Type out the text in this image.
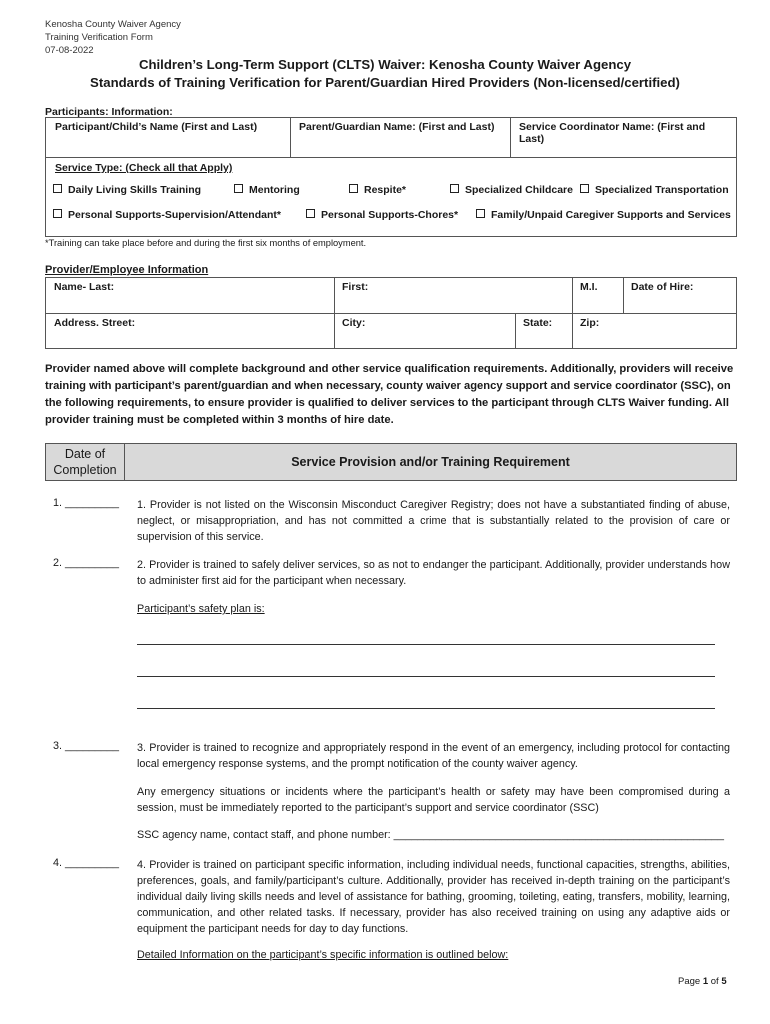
Kenosha County Waiver Agency
Training Verification Form
07-08-2022
Children’s Long-Term Support (CLTS) Waiver: Kenosha County Waiver Agency
Standards of Training Verification for Parent/Guardian Hired Providers (Non-licensed/certified)
Participants: Information:
Participant/Child’s Name (First and Last)	Parent/Guardian Name: (First and Last)	Service Coordinator Name: (First and Last)
Service Type: (Check all that Apply)
Daily Living Skills Training	Mentoring	Respite*	Specialized Childcare	Specialized Transportation
Personal Supports-Supervision/Attendant*	Personal Supports-Chores*	Family/Unpaid Caregiver Supports and Services
*Training can take place before and during the first six months of employment.
Provider/Employee Information
Name- Last:	First:	M.I.	Date of Hire:
Address. Street:	City:	State:	Zip:
Provider named above will complete background and other service qualification requirements. Additionally, providers will receive training with participant’s parent/guardian and when necessary, county waiver agency support and service coordinator (SSC), on the following requirements, to ensure provider is qualified to deliver services to the participant through CLTS Waiver funding. All provider training must be completed within 3 months of hire date.
Date of Completion
Service Provision and/or Training Requirement
1. _________ 1. Provider is not listed on the Wisconsin Misconduct Caregiver Registry; does not have a substantiated finding of abuse, neglect, or misappropriation, and has not committed a crime that is substantially related to the provision of care or supervision of this service.
2. _________ 2. Provider is trained to safely deliver services, so as not to endanger the participant. Additionally, provider understands how to administer first aid for the participant when necessary.
Participant’s safety plan is:
3. _________ 3. Provider is trained to recognize and appropriately respond in the event of an emergency, including protocol for contacting local emergency response systems, and the prompt notification of the county waiver agency.
Any emergency situations or incidents where the participant’s health or safety may have been compromised during a session, must be immediately reported to the participant’s support and service coordinator (SSC)
SSC agency name, contact staff, and phone number: _______________________________________________________
4. _________ 4. Provider is trained on participant specific information, including individual needs, functional capacities, strengths, abilities, preferences, goals, and family/participant’s culture. Additionally, provider has received in-depth training on the participant’s individual daily living skills needs and level of assistance for bathing, grooming, toileting, eating, transfers, mobility, learning, communication, and other related tasks. If necessary, provider has also received training on using any adaptive aids or equipment the participant needs for day to day functions.
Detailed Information on the participant’s specific information is outlined below:
Page 1 of 5
